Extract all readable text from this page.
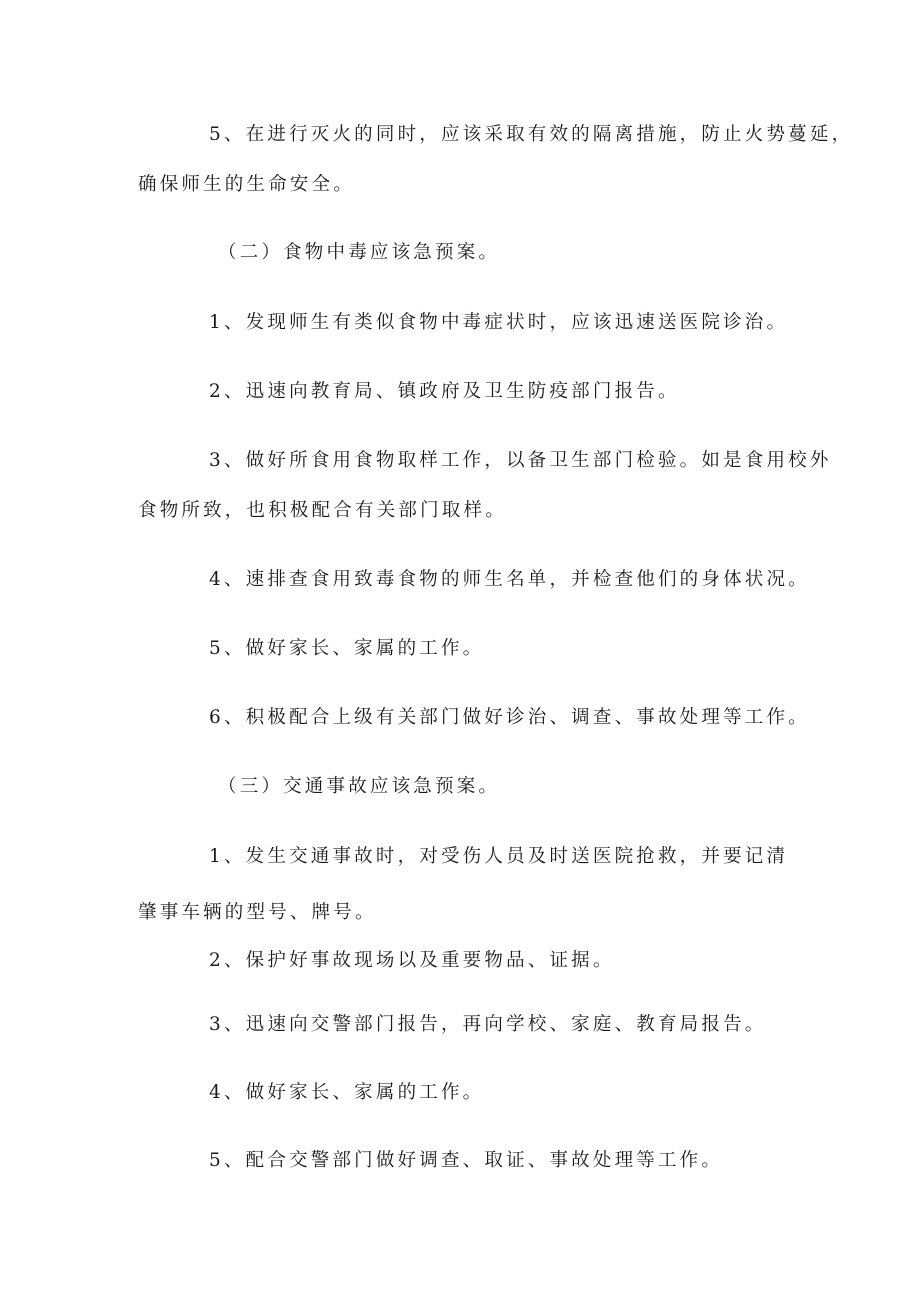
5、在进行灭火的同时，应该采取有效的隔离措施，防止火势蔓延，
确保师生的生命安全。
（二）食物中毒应该急预案。
1、发现师生有类似食物中毒症状时，应该迅速送医院诊治。
2、迅速向教育局、镇政府及卫生防疫部门报告。
3、做好所食用食物取样工作，以备卫生部门检验。如是食用校外
食物所致，也积极配合有关部门取样。
4、速排查食用致毒食物的师生名单，并检查他们的身体状况。
5、做好家长、家属的工作。
6、积极配合上级有关部门做好诊治、调查、事故处理等工作。
（三）交通事故应该急预案。
1、发生交通事故时，对受伤人员及时送医院抢救，并要记清
肇事车辆的型号、牌号。
2、保护好事故现场以及重要物品、证据。
3、迅速向交警部门报告，再向学校、家庭、教育局报告。
4、做好家长、家属的工作。
5、配合交警部门做好调查、取证、事故处理等工作。
